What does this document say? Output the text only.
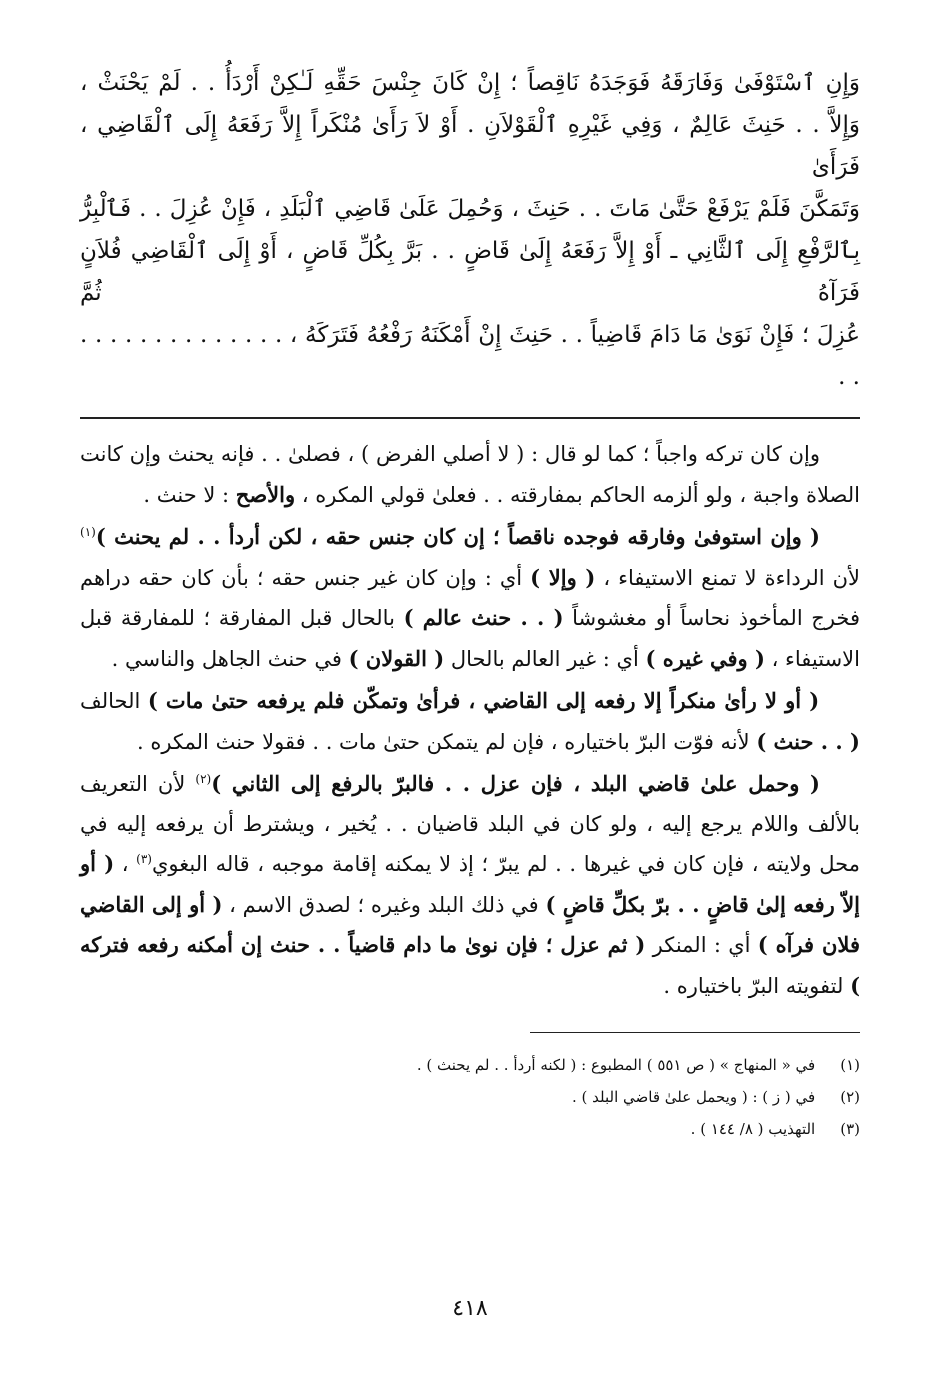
وَإِنِ ٱسْتَوْفَىٰ وَفَارَقَهُ فَوَجَدَهُ نَاقِصاً ؛ إِنْ كَانَ جِنْسَ حَقِّهِ لَـٰكِنْ أَرْدَأُ . . لَمْ يَحْنَثْ ،

وَإِلاَّ . . حَنِثَ عَالِمٌ ، وَفِي غَيْرِهِ ٱلْقَوْلاَنِ . أَوْ لاَ رَأَىٰ مُنْكَراً إِلاَّ رَفَعَهُ إِلَى ٱلْقَاضِي ، فَرَأَىٰ

وَتَمَكَّنَ فَلَمْ يَرْفَعْ حَتَّىٰ مَاتَ . . حَنِثَ ، وَحُمِلَ عَلَىٰ قَاضِي ٱلْبَلَدِ ، فَإِنْ عُزِلَ . . فَٱلْبِرُّ

بِٱلرَّفْعِ إِلَى ٱلثَّانِي ـ أَوْ إِلاَّ رَفَعَهُ إِلَىٰ قَاضٍ . . بَرَّ بِكُلِّ قَاضٍ ، أَوْ إِلَى ٱلْقَاضِي فُلاَنٍ فَرَآهُ ثُمَّ

عُزِلَ ؛ فَإِنْ نَوَىٰ مَا دَامَ قَاضِياً . . حَنِثَ إِنْ أَمْكَنَهُ رَفْعُهُ فَتَرَكَهُ ، . . . . . . . . . . . . . . . .

وإن كان تركه واجباً ؛ كما لو قال : ( لا أصلي الفرض ) ، فصلىٰ . . فإنه يحنث وإن كانت الصلاة واجبة ، ولو ألزمه الحاكم بمفارقته . . فعلىٰ قولي المكره ، والأصح : لا حنث .

( وإن استوفىٰ وفارقه فوجده ناقصاً ؛ إن كان جنس حقه ، لكن أردأ . . لم يحنث )$^{(١)}$ لأن الرداءة لا تمنع الاستيفاء ، ( وإلا ) أي : وإن كان غير جنس حقه ؛ بأن كان حقه دراهم فخرج المأخوذ نحاساً أو مغشوشاً ( . . حنث عالم ) بالحال قبل المفارقة ؛ للمفارقة قبل الاستيفاء ، ( وفي غيره ) أي : غير العالم بالحال ( القولان ) في حنث الجاهل والناسي .

( أو لا رأىٰ منكراً إلا رفعه إلى القاضي ، فرأىٰ وتمكّن فلم يرفعه حتىٰ مات ) الحالف ( . . حنث ) لأنه فوّت البرّ باختياره ، فإن لم يتمكن حتىٰ مات . . فقولا حنث المكره .

( وحمل علىٰ قاضي البلد ، فإن عزل . . فالبرّ بالرفع إلى الثاني )$^{(٢)}$ لأن التعريف بالألف واللام يرجع إليه ، ولو كان في البلد قاضيان . . يُخير ، ويشترط أن يرفعه إليه في محل ولايته ، فإن كان في غيرها . . لم يبرّ ؛ إذ لا يمكنه إقامة موجبه ، قاله البغوي$^{(٣)}$ ، ( أو إلاّ رفعه إلىٰ قاضٍ . . برّ بكلِّ قاضٍ ) في ذلك البلد وغيره ؛ لصدق الاسم ، ( أو إلى القاضي فلان فرآه ) أي : المنكر ( ثم عزل ؛ فإن نوىٰ ما دام قاضياً . . حنث إن أمكنه رفعه فتركه ) لتفويته البرّ باختياره .

(١) في « المنهاج » ( ص ٥٥١ ) المطبوع : ( لكنه أردأ . . لم يحنث ) .

(٢) في ( ز ) : ( ويحمل علىٰ قاضي البلد ) .

(٣) التهذيب ( ٨/ ١٤٤ ) .

٤١٨
